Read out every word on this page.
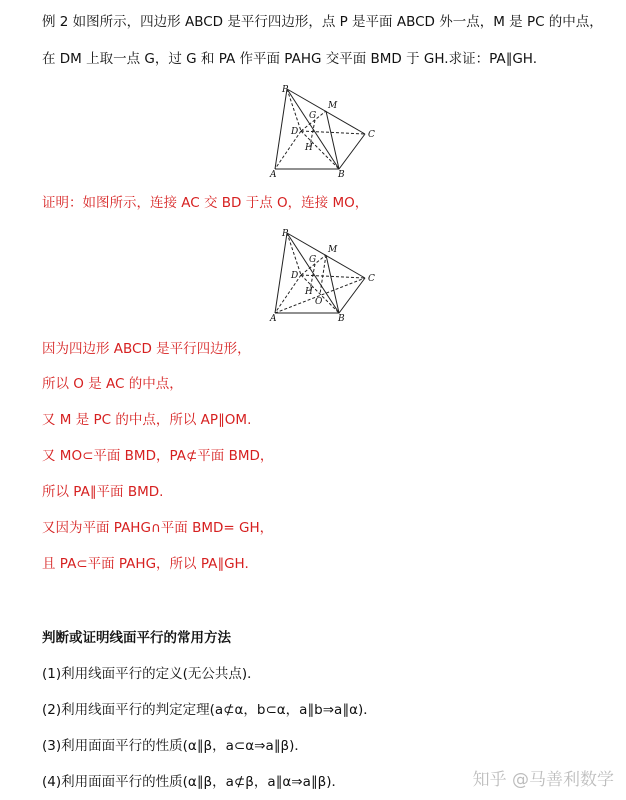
例 2 如图所示，四边形 ABCD 是平行四边形，点 P 是平面 ABCD 外一点，M 是 PC 的中点，
在 DM 上取一点 G，过 G 和 PA 作平面 PAHG 交平面 BMD 于 GH.求证：PA∥GH.
P
M
G
D	C
H
A	B
证明：如图所示，连接 AC 交 BD 于点 O，连接 MO，
P
M
G
D	C
H
O
A	B
因为四边形 ABCD 是平行四边形，
所以 O 是 AC 的中点，
又 M 是 PC 的中点，所以 AP∥OM.
又 MO⊂平面 BMD，PA⊄平面 BMD，
所以 PA∥平面 BMD.
又因为平面 PAHG∩平面 BMD= GH，
且 PA⊂平面 PAHG，所以 PA∥GH.
判断或证明线面平行的常用方法
(1)利用线面平行的定义(无公共点)．
(2)利用线面平行的判定定理(a⊄α，b⊂α，a∥b⇒a∥α)．
(3)利用面面平行的性质(α∥β，a⊂α⇒a∥β)．
(4)利用面面平行的性质(α∥β，a⊄β，a∥α⇒a∥β)．	知乎 @马善利数学
